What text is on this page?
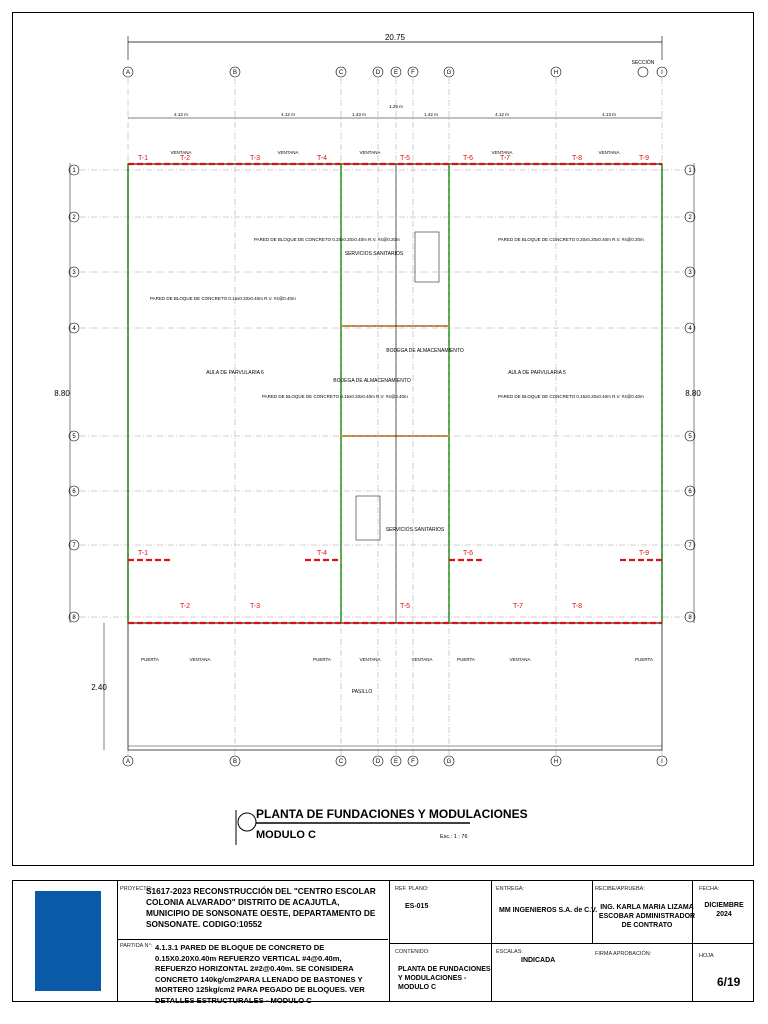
20.75
A	B	C	D E F	G	H	I
A	B	C	D E F	G	H	I
1
2
3
4
5
6
7
8
1
2
3
4
5
6
7
8
SECCIÓN
4.13 m	4.12 m	1.43 m
1.25 m
1.42 m	4.12 m	4.13 m
8.80	8.80
2.40
T-1	T-2	T-3	T-4	T-5	T-6	T-7	T-8	T-9
T-1
T-2	T-3
T-4
T-5
T-6
T-7	T-8
T-9
VENTANA	VENTANA	VENTANA	VENTANA	VENTANA
PUERTA	VENTANA	PUERTA	VENTANA	VENTANA	PUERTA	VENTANA	PUERTA
AULA DE PARVULARIA 6	AULA DE PARVULARIA 5
SERVICIOS SANITARIOS
BODEGA DE ALMACENAMIENTO
BODEGA DE ALMACENAMIENTO
SERVICIOS SANITARIOS
PASILLO
PARED DE BLOQUE DE CONCRETO 0.20x0.20x0.40m R.V. #4@0.20m
PARED DE BLOQUE DE CONCRETO 0.15x0.20x0.40m R.V. #4@0.40m
PARED DE BLOQUE DE CONCRETO 0.20x0.20x0.40m R.V. #4@0.20m
PARED DE BLOQUE DE CONCRETO 0.15x0.20x0.40m R.V. #4@0.40m	PARED DE BLOQUE DE CONCRETO 0.15x0.20x0.40m R.V. #4@0.40m
PLANTA DE FUNDACIONES Y MODULACIONES
MODULO C	Esc.: 1 : 76
PROYECTO:
S1617-2023 RECONSTRUCCIÓN DEL "CENTRO ESCOLAR COLONIA ALVARADO" DISTRITO DE ACAJUTLA, MUNICIPIO DE SONSONATE OESTE, DEPARTAMENTO DE SONSONATE. CODIGO:10552
PARTIDA N°: 4.1.3.1 PARED DE BLOQUE DE CONCRETO DE 0.15X0.20X0.40m REFUERZO VERTICAL #4@0.40m, REFUERZO HORIZONTAL 2#2@0.40m. SE CONSIDERA CONCRETO 140kg/cm2PARA LLENADO DE BASTONES Y MORTERO 125kg/cm2 PARA PEGADO DE BLOQUES. VER DETALLES ESTRUCTURALES - MODULO C
REF. PLANO:
ES-015
ENTREGA:
MM INGENIEROS S.A. de C.V.
RECIBE/APRUEBA:
ING. KARLA MARIA LIZAMA ESCOBAR ADMINISTRADOR DE CONTRATO
CONTENIDO:
PLANTA DE FUNDACIONES Y MODULACIONES - MODULO C
ESCALAS:
INDICADA
FIRMA APROBACIÓN:
FECHA:
DICIEMBRE 2024
HOJA
6/19
